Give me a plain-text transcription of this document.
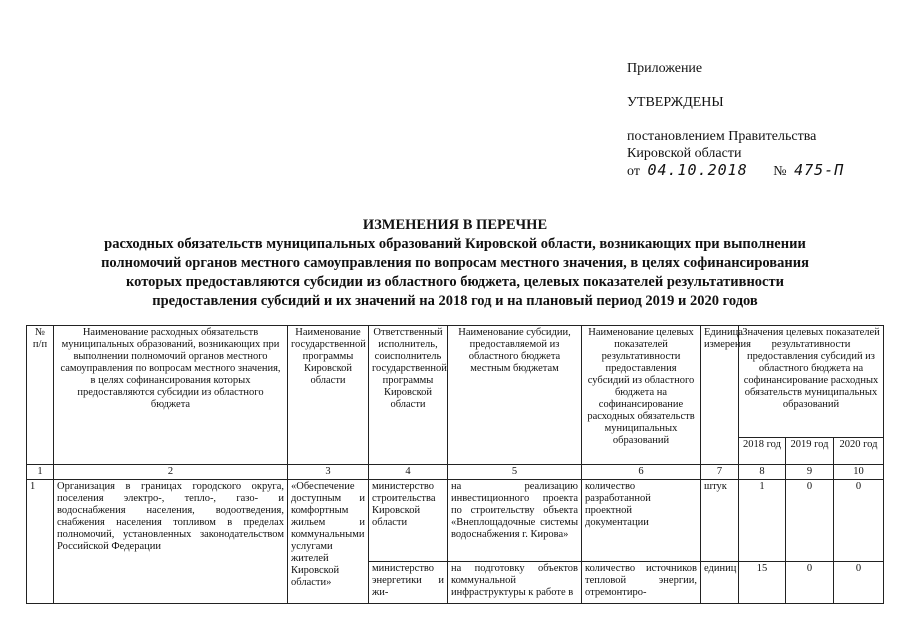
Приложение
УТВЕРЖДЕНЫ
постановлением Правительства
Кировской области
от 04.10.2018 № 475-П
ИЗМЕНЕНИЯ В ПЕРЕЧНЕ
расходных обязательств муниципальных образований Кировской области, возникающих при выполнении
полномочий органов местного самоуправления по вопросам местного значения, в целях софинансирования
которых предоставляются субсидии из областного бюджета, целевых показателей результативности
предоставления субсидий и их значений на 2018 год и на плановый период 2019 и 2020 годов
№ п/п	Наименование расходных обязательств муниципальных образований, возникающих при выполнении полномочий органов местного самоуправления по вопросам местного значения, в целях софинансирования которых предоставляются субсидии из областного бюджета	Наименование государственной программы Кировской области	Ответственный исполнитель, соисполнитель государственной программы Кировской области	Наименование субсидии, предоставляемой из областного бюджета местным бюджетам	Наименование целевых показателей результативности предоставления субсидий из областного бюджета на софинансирование расходных обязательств муниципальных образований	Единица измерения	Значения целевых показателей результативности предоставления субсидий из областного бюджета на софинансирование расходных обязательств муниципальных образований		
							2018 год	2019 год	2020 год
1	2	3	4	5	6	7	8	9	10
1	Организация в границах городского округа, поселения электро-, тепло-, газо- и водоснабжения населения, водоотведения, снабжения населения топливом в пределах полномочий, установленных законодательством Российской Федерации	«Обеспечение доступным и комфортным жильем и коммунальными услугами жителей Кировской области»	министерство строительства Кировской области	на реализацию инвестиционного проекта по строительству объекта «Внеплощадочные системы водоснабжения г. Кирова»	количество разработанной проектной документации	штук	1	0	0
			министерство энергетики и жи-	на подготовку объектов коммунальной инфраструктуры к работе в	количество источников тепловой энергии, отремонтиро-	единиц	15	0	0
